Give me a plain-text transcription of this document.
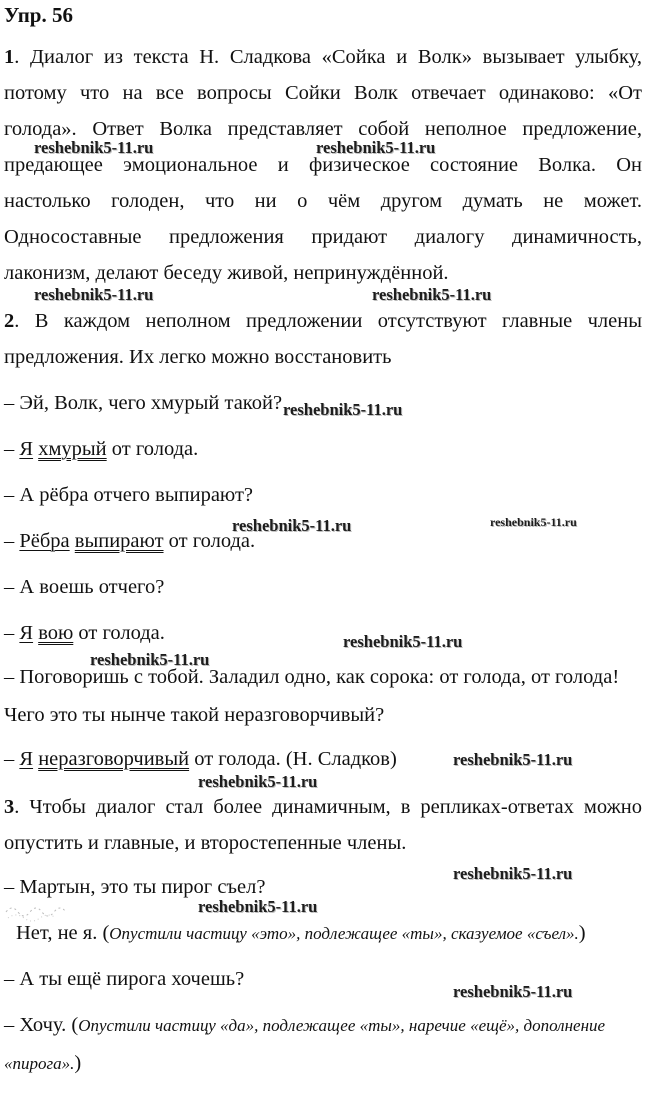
Упр. 56
1. Диалог из текста Н. Сладкова «Сойка и Волк» вызывает улыбку,
потому что на все вопросы Сойки Волк отвечает одинаково: «От
голода». Ответ Волка представляет собой неполное предложение,
предающее эмоциональное и физическое состояние Волка. Он
настолько голоден, что ни о чём другом думать не может.
Односоставные предложения придают диалогу динамичность,
лаконизм, делают беседу живой, непринуждённой.
2. В каждом неполном предложении отсутствуют главные члены
предложения. Их легко можно восстановить
– Эй, Волк, чего хмурый такой?
– Я хмурый от голода.
– А рёбра отчего выпирают?
– Рёбра выпирают от голода.
– А воешь отчего?
– Я вою от голода.
– Поговоришь с тобой. Заладил одно, как сорока: от голода, от голода!
Чего это ты нынче такой неразговорчивый?
– Я неразговорчивый от голода. (Н. Сладков)
3. Чтобы диалог стал более динамичным, в репликах-ответах можно
опустить и главные, и второстепенные члены.
– Мартын, это ты пирог съел?
Нет, не я. (Опустили частицу «это», подлежащее «ты», сказуемое «съел».)
– А ты ещё пирога хочешь?
– Хочу. (Опустили частицу «да», подлежащее «ты», наречие «ещё», дополнение
«пирога».)
reshebnik5-11.ru	reshebnik5-11.ru
reshebnik5-11.ru	reshebnik5-11.ru
reshebnik5-11.ru
reshebnik5-11.ru	reshebnik5-11.ru
reshebnik5-11.ru
reshebnik5-11.ru
reshebnik5-11.ru
reshebnik5-11.ru
reshebnik5-11.ru
reshebnik5-11.ru
reshebnik5-11.ru
